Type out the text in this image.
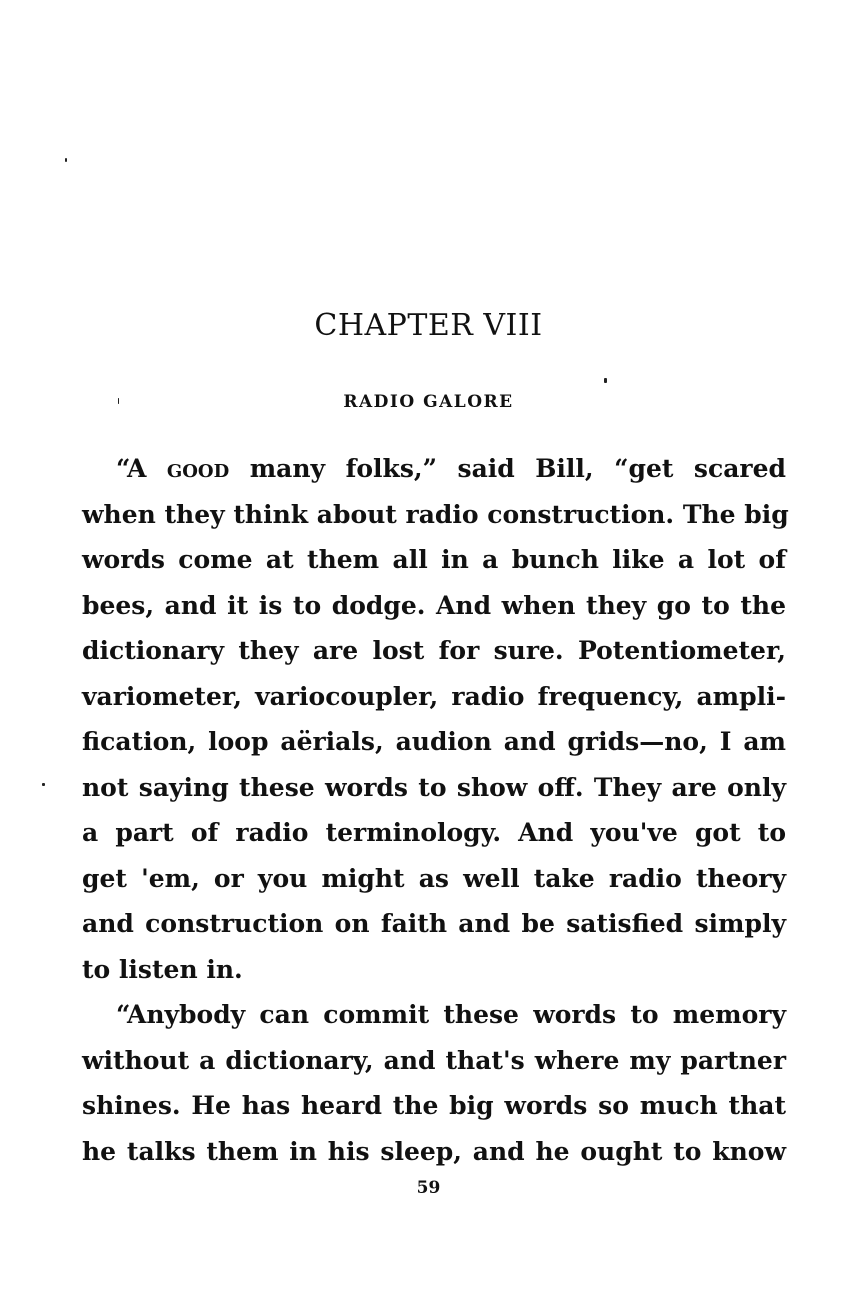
CHAPTER VIII
RADIO GALORE
“A good many folks,” said Bill, “get scared
when they think about radio construction. The big
words come at them all in a bunch like a lot of
bees, and it is to dodge. And when they go to the
dictionary they are lost for sure. Potentiometer,
variometer, variocoupler, radio frequency, ampli-
fication, loop aërials, audion and grids—no, I am
not saying these words to show off. They are only
a part of radio terminology. And you've got to
get 'em, or you might as well take radio theory
and construction on faith and be satisfied simply
to listen in.
“Anybody can commit these words to memory
without a dictionary, and that's where my partner
shines. He has heard the big words so much that
he talks them in his sleep, and he ought to know
59
